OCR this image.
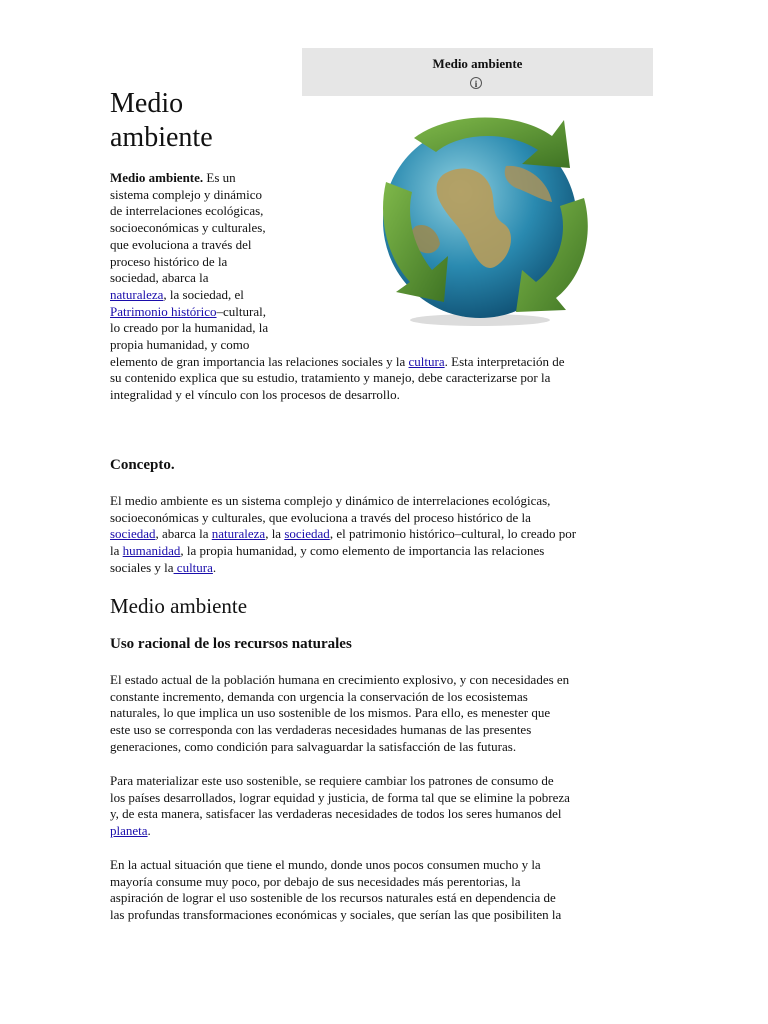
Medio ambiente
i
Medio
ambiente
Medio ambiente. Es un
sistema complejo y dinámico
de interrelaciones ecológicas,
socioeconómicas y culturales,
que evoluciona a través del
proceso histórico de la
sociedad, abarca la
naturaleza, la sociedad, el
Patrimonio histórico–cultural,
lo creado por la humanidad, la
propia humanidad, y como
elemento de gran importancia las relaciones sociales y la cultura. Esta interpretación de
su contenido explica que su estudio, tratamiento y manejo, debe caracterizarse por la
integralidad y el vínculo con los procesos de desarrollo.
Concepto.
El medio ambiente es un sistema complejo y dinámico de interrelaciones ecológicas,
socioeconómicas y culturales, que evoluciona a través del proceso histórico de la
sociedad, abarca la naturaleza, la sociedad, el patrimonio histórico–cultural, lo creado por
la humanidad, la propia humanidad, y como elemento de importancia las relaciones
sociales y la cultura.
Medio ambiente
Uso racional de los recursos naturales
El estado actual de la población humana en crecimiento explosivo, y con necesidades en
constante incremento, demanda con urgencia la conservación de los ecosistemas
naturales, lo que implica un uso sostenible de los mismos. Para ello, es menester que
este uso se corresponda con las verdaderas necesidades humanas de las presentes
generaciones, como condición para salvaguardar la satisfacción de las futuras.
Para materializar este uso sostenible, se requiere cambiar los patrones de consumo de
los países desarrollados, lograr equidad y justicia, de forma tal que se elimine la pobreza
y, de esta manera, satisfacer las verdaderas necesidades de todos los seres humanos del
planeta.
En la actual situación que tiene el mundo, donde unos pocos consumen mucho y la
mayoría consume muy poco, por debajo de sus necesidades más perentorias, la
aspiración de lograr el uso sostenible de los recursos naturales está en dependencia de
las profundas transformaciones económicas y sociales, que serían las que posibiliten la
